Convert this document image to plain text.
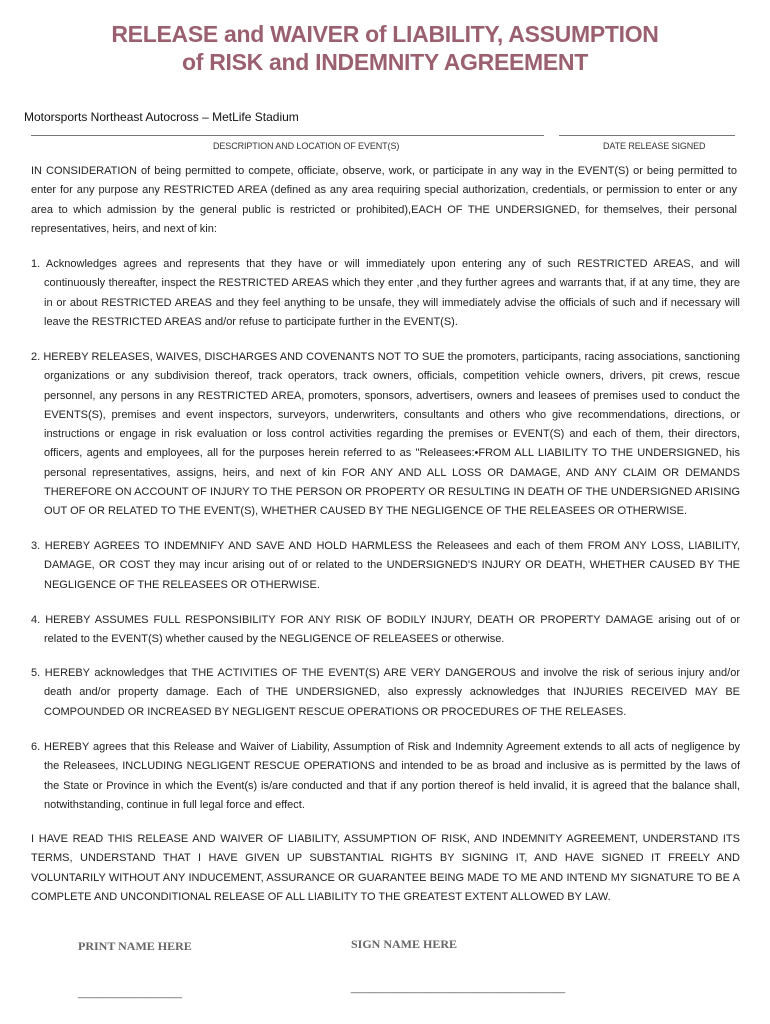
RELEASE and WAIVER of LIABILITY, ASSUMPTION
of RISK and INDEMNITY AGREEMENT
Motorsports Northeast Autocross – MetLife Stadium
DESCRIPTION AND LOCATION OF EVENT(S)	DATE RELEASE SIGNED
IN CONSIDERATION of being permitted to compete, officiate, observe, work, or participate in any way in the EVENT(S) or being permitted to enter for any purpose any RESTRICTED AREA (defined as any area requiring special authorization, credentials, or permission to enter or any area to which admission by the general public is restricted or prohibited),EACH OF THE UNDERSIGNED, for themselves, their personal representatives, heirs, and next of kin:
1. Acknowledges agrees and represents that they have or will immediately upon entering any of such RESTRICTED AREAS, and will continuously thereafter, inspect the RESTRICTED AREAS which they enter ,and they further agrees and warrants that, if at any time, they are in or about RESTRICTED AREAS and they feel anything to be unsafe, they will immediately advise the officials of such and if necessary will leave the RESTRICTED AREAS and/or refuse to participate further in the EVENT(S).
2. HEREBY RELEASES, WAIVES, DISCHARGES AND COVENANTS NOT TO SUE the promoters, participants, racing associations, sanctioning organizations or any subdivision thereof, track operators, track owners, officials, competition vehicle owners, drivers, pit crews, rescue personnel, any persons in any RESTRICTED AREA, promoters, sponsors, advertisers, owners and leasees of premises used to conduct the EVENTS(S), premises and event inspectors, surveyors, underwriters, consultants and others who give recommendations, directions, or instructions or engage in risk evaluation or loss control activities regarding the premises or EVENT(S) and each of them, their directors, officers, agents and employees, all for the purposes herein referred to as "Releasees:•FROM ALL LIABILITY TO THE UNDERSIGNED, his personal representatives, assigns, heirs, and next of kin FOR ANY AND ALL LOSS OR DAMAGE, AND ANY CLAIM OR DEMANDS THEREFORE ON ACCOUNT OF INJURY TO THE PERSON OR PROPERTY OR RESULTING IN DEATH OF THE UNDERSIGNED ARISING OUT OF OR RELATED TO THE EVENT(S), WHETHER CAUSED BY THE NEGLIGENCE OF THE RELEASEES OR OTHERWISE.
3. HEREBY AGREES TO INDEMNIFY AND SAVE AND HOLD HARMLESS the Releasees and each of them FROM ANY LOSS, LIABILITY, DAMAGE, OR COST they may incur arising out of or related to the UNDERSIGNED'S INJURY OR DEATH, WHETHER CAUSED BY THE NEGLIGENCE OF THE RELEASEES OR OTHERWISE.
4. HEREBY ASSUMES FULL RESPONSIBILITY FOR ANY RISK OF BODILY INJURY, DEATH OR PROPERTY DAMAGE arising out of or related to the EVENT(S) whether caused by the NEGLIGENCE OF RELEASEES or otherwise.
5. HEREBY acknowledges that THE ACTIVITIES OF THE EVENT(S) ARE VERY DANGEROUS and involve the risk of serious injury and/or death and/or property damage. Each of THE UNDERSIGNED, also expressly acknowledges that INJURIES RECEIVED MAY BE COMPOUNDED OR INCREASED BY NEGLIGENT RESCUE OPERATIONS OR PROCEDURES OF THE RELEASES.
6. HEREBY agrees that this Release and Waiver of Liability, Assumption of Risk and Indemnity Agreement extends to all acts of negligence by the Releasees, INCLUDING NEGLIGENT RESCUE OPERATIONS and intended to be as broad and inclusive as is permitted by the laws of the State or Province in which the Event(s) is/are conducted and that if any portion thereof is held invalid, it is agreed that the balance shall, notwithstanding, continue in full legal force and effect.
I HAVE READ THIS RELEASE AND WAIVER OF LIABILITY, ASSUMPTION OF RISK, AND INDEMNITY AGREEMENT, UNDERSTAND ITS TERMS, UNDERSTAND THAT I HAVE GIVEN UP SUBSTANTIAL RIGHTS BY SIGNING IT, AND HAVE SIGNED IT FREELY AND VOLUNTARILY WITHOUT ANY INDUCEMENT, ASSURANCE OR GUARANTEE BEING MADE TO ME AND INTEND MY SIGNATURE TO BE A COMPLETE AND UNCONDITIONAL RELEASE OF ALL LIABILITY TO THE GREATEST EXTENT ALLOWED BY LAW.
PRINT NAME HERE	SIGN NAME HERE
_________________	___________________________________
